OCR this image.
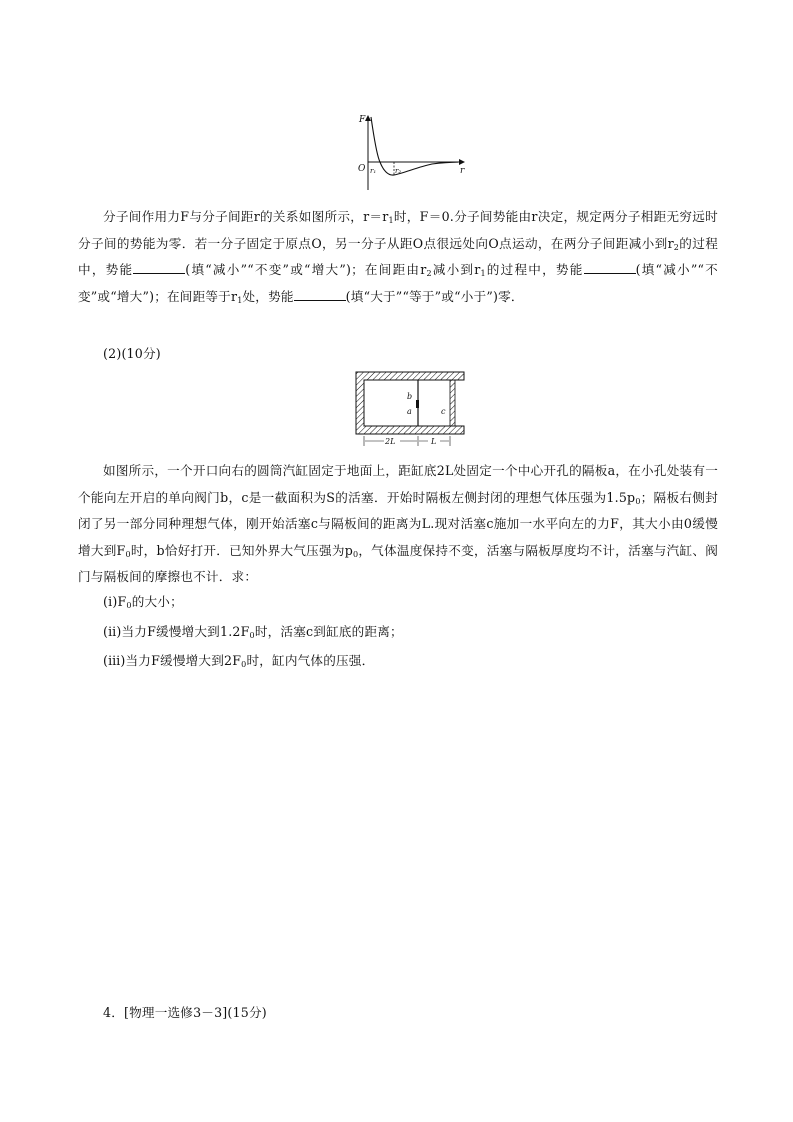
F
O r₁	r₂	r

分子间作用力F与分子间距r的关系如图所示，$r=r_1$时，F＝0.分子间势能由r决定，规定两分子相距无穷远时分子间的势能为零．若一分子固定于原点O，另一分子从距O点很远处向O点运动，在两分子间距减小到$r_2$的过程中，势能	(填“减小”“不变”或“增大”)；在间距由$r_2$减小到$r_1$的过程中，势能	(填“减小”“不变”或“增大”)；在间距等于$r_1$处，势能	(填“大于”“等于”或“小于”)零．

(2)(10分)

b
a	c
2L	L

如图所示，一个开口向右的圆筒汽缸固定于地面上，距缸底2L处固定一个中心开孔的隔板a，在小孔处装有一个能向左开启的单向阀门b，c是一截面积为S的活塞．开始时隔板左侧封闭的理想气体压强为$1.5p_0$；隔板右侧封闭了另一部分同种理想气体，刚开始活塞c与隔板间的距离为L.现对活塞c施加一水平向左的力F，其大小由0缓慢增大到$F_0$时，b恰好打开．已知外界大气压强为$p_0$，气体温度保持不变，活塞与隔板厚度均不计，活塞与汽缸、阀门与隔板间的摩擦也不计．求：

$(ⅰ)F_0$的大小；

(ⅱ)当力F缓慢增大到$1.2F_0$时，活塞c到缸底的距离；

(ⅲ)当力F缓慢增大到$2F_0$时，缸内气体的压强．

4．[物理一选修3－3](15分)
